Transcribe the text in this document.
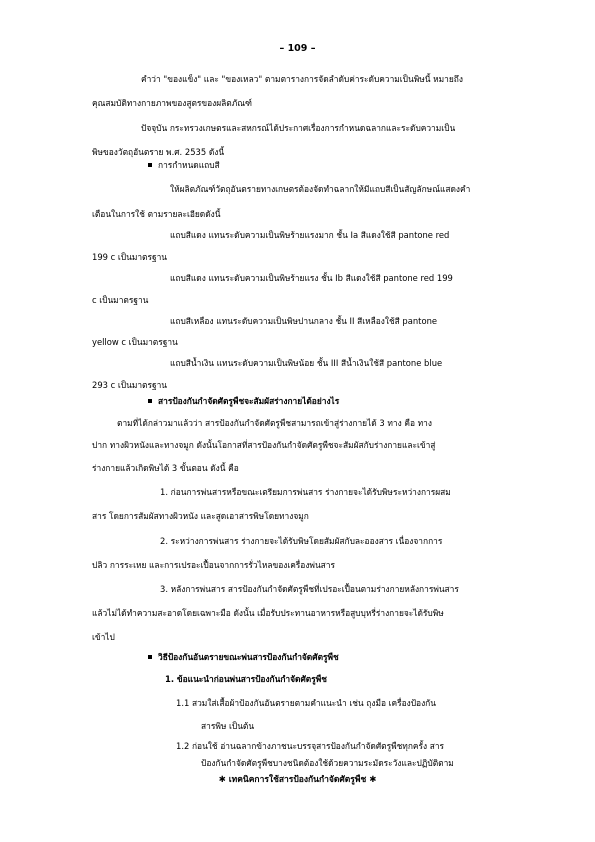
– 109 –
คำว่า "ของแข็ง" และ "ของเหลว" ตามตารางการจัดลำดับค่าระดับความเป็นพิษนี้ หมายถึง
คุณสมบัติทางกายภาพของสูตรของผลิตภัณฑ์
ปัจจุบัน กระทรวงเกษตรและสหกรณ์ได้ประกาศเรื่องการกำหนดฉลากและระดับความเป็น
พิษของวัตถุอันตราย พ.ศ. 2535 ดังนี้
การกำหนดแถบสี
ให้ผลิตภัณฑ์วัตถุอันตรายทางเกษตรต้องจัดทำฉลากให้มีแถบสีเป็นสัญลักษณ์แสดงคำ
เตือนในการใช้ ตามรายละเอียดดังนี้
แถบสีแดง แทนระดับความเป็นพิษร้ายแรงมาก ชั้น Ia สีแดงใช้สี pantone red
199 c เป็นมาตรฐาน
แถบสีแดง แทนระดับความเป็นพิษร้ายแรง ชั้น Ib สีแดงใช้สี pantone red 199
c เป็นมาตรฐาน
แถบสีเหลือง แทนระดับความเป็นพิษปานกลาง ชั้น II สีเหลืองใช้สี pantone
yellow c เป็นมาตรฐาน
แถบสีน้ำเงิน แทนระดับความเป็นพิษน้อย ชั้น III สีน้ำเงินใช้สี pantone blue
293 c เป็นมาตรฐาน
สารป้องกันกำจัดศัตรูพืชจะสัมผัสร่างกายได้อย่างไร
ตามที่ได้กล่าวมาแล้วว่า สารป้องกันกำจัดศัตรูพืชสามารถเข้าสู่ร่างกายได้ 3 ทาง คือ ทาง
ปาก ทางผิวหนังและทางจมูก ดังนั้นโอกาสที่สารป้องกันกำจัดศัตรูพืชจะสัมผัสกับร่างกายและเข้าสู่
ร่างกายแล้วเกิดพิษได้ 3 ขั้นตอน ดังนี้ คือ
1. ก่อนการพ่นสารหรือขณะเตรียมการพ่นสาร ร่างกายจะได้รับพิษระหว่างการผสม
สาร โดยการสัมผัสทางผิวหนัง และสูดเอาสารพิษโดยทางจมูก
2. ระหว่างการพ่นสาร ร่างกายจะได้รับพิษโดยสัมผัสกับละอองสาร เนื่องจากการ
ปลิว การระเหย และการเปรอะเปื้อนจากการรั่วไหลของเครื่องพ่นสาร
3. หลังการพ่นสาร สารป้องกันกำจัดศัตรูพืชที่เปรอะเปื้อนตามร่างกายหลังการพ่นสาร
แล้วไม่ได้ทำความสะอาดโดยเฉพาะมือ ดังนั้น เมื่อรับประทานอาหารหรือสูบบุหรี่ร่างกายจะได้รับพิษ
เข้าไป
วิธีป้องกันอันตรายขณะพ่นสารป้องกันกำจัดศัตรูพืช
1. ข้อแนะนำก่อนพ่นสารป้องกันกำจัดศัตรูพืช
1.1 สวมใส่เสื้อผ้าป้องกันอันตรายตามคำแนะนำ เช่น ถุงมือ เครื่องป้องกัน
สารพิษ เป็นต้น
1.2 ก่อนใช้ อ่านฉลากข้างภาชนะบรรจุสารป้องกันกำจัดศัตรูพืชทุกครั้ง สาร
ป้องกันกำจัดศัตรูพืชบางชนิดต้องใช้ด้วยความระมัดระวังและปฏิบัติตาม
✱ เทคนิคการใช้สารป้องกันกำจัดศัตรูพืช ✱
